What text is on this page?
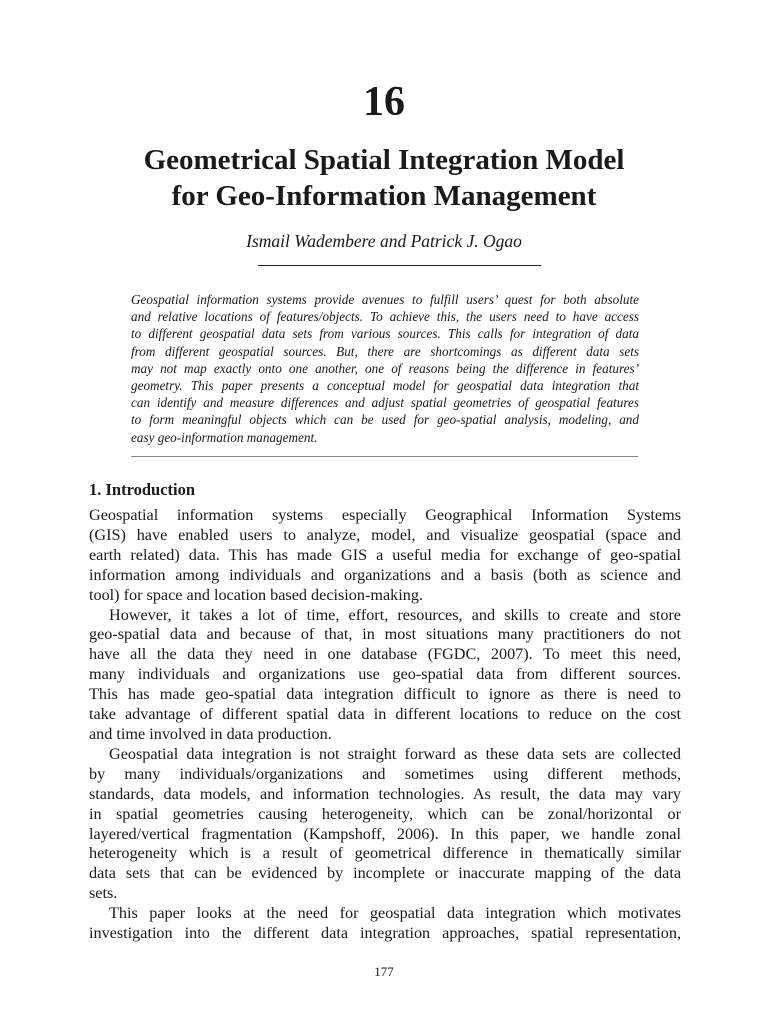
16
Geometrical Spatial Integration Model
for Geo-Information Management
Ismail Wadembere and Patrick J. Ogao
Geospatial information systems provide avenues to fulfill users’ quest for both absolute
and relative locations of features/objects. To achieve this, the users need to have access
to different geospatial data sets from various sources. This calls for integration of data
from different geospatial sources. But, there are shortcomings as different data sets
may not map exactly onto one another, one of reasons being the difference in features’
geometry. This paper presents a conceptual model for geospatial data integration that
can identify and measure differences and adjust spatial geometries of geospatial features
to form meaningful objects which can be used for geo-spatial analysis, modeling, and
easy geo-information management.
1. Introduction
Geospatial information systems especially Geographical Information Systems
(GIS) have enabled users to analyze, model, and visualize geospatial (space and
earth related) data. This has made GIS a useful media for exchange of geo-spatial
information among individuals and organizations and a basis (both as science and
tool) for space and location based decision-making.
However, it takes a lot of time, effort, resources, and skills to create and store
geo-spatial data and because of that, in most situations many practitioners do not
have all the data they need in one database (FGDC, 2007). To meet this need,
many individuals and organizations use geo-spatial data from different sources.
This has made geo-spatial data integration difficult to ignore as there is need to
take advantage of different spatial data in different locations to reduce on the cost
and time involved in data production.
Geospatial data integration is not straight forward as these data sets are collected
by many individuals/organizations and sometimes using different methods,
standards, data models, and information technologies. As result, the data may vary
in spatial geometries causing heterogeneity, which can be zonal/horizontal or
layered/vertical fragmentation (Kampshoff, 2006). In this paper, we handle zonal
heterogeneity which is a result of geometrical difference in thematically similar
data sets that can be evidenced by incomplete or inaccurate mapping of the data
sets.
This paper looks at the need for geospatial data integration which motivates
investigation into the different data integration approaches, spatial representation,
177
